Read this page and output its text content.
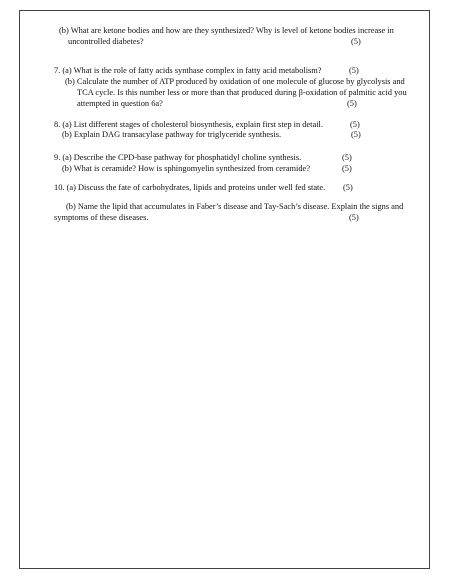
(b) What are ketone bodies and how are they synthesized? Why is level of ketone bodies increase in
uncontrolled diabetes?	(5)
7. (a) What is the role of fatty acids synthase complex in fatty acid metabolism?	(5)
(b) Calculate the number of ATP produced by oxidation of one molecule of glucose by glycolysis and
TCA cycle. Is this number less or more than that produced during β-oxidation of palmitic acid you
attempted in question 6a?	(5)
8. (a) List different stages of cholesterol biosynthesis, explain first step in detail.	(5)
(b) Explain DAG transacylase pathway for triglyceride synthesis.	(5)
9. (a) Describe the CPD-base pathway for phosphatidyl choline synthesis.	(5)
(b) What is ceramide? How is sphingomyelin synthesized from ceramide?	(5)
10. (a) Discuss the fate of carbohydrates, lipids and proteins under well fed state. (5)
(b) Name the lipid that accumulates in Faber’s disease and Tay-Sach’s disease. Explain the signs and
symptoms of these diseases.	(5)
